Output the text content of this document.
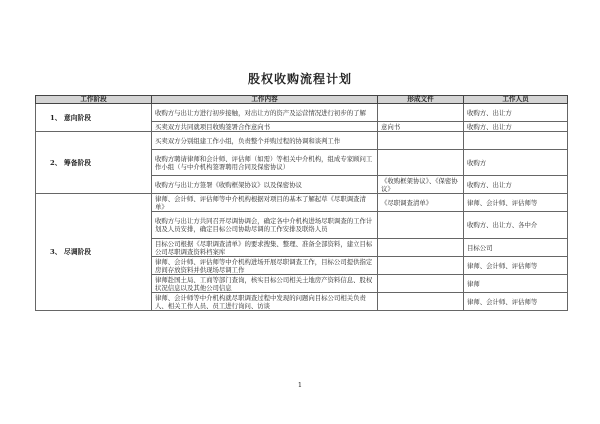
股权收购流程计划
工作阶段	工作内容	形成文件	工作人员
1、 意向阶段	收购方与出让方进行初步接触，对出让方的资产及运营情况进行初步的了解		收购方、出让方
	买卖双方共同就项目收购签署合作意向书	意向书	收购方、出让方
2、 筹备阶段	买卖双方分别组建工作小组，负责整个并购过程的协调和谈判工作		
	收购方聘请律师和会计师、评估师（如需）等相关中介机构，组成专家顾问工作小组（与中介机构签署聘用合同及保密协议）		收购方
	收购方与出让方签署《收购框架协议》以及保密协议	《收购框架协议》、《保密协议》	收购方、出让方
3、 尽调阶段	律师、会计师、评估师等中介机构根据对项目的基本了解起草《尽职调查清单》	《尽职调查清单》	律师、会计师、评估师等
	收购方与出让方共同召开尽调协调会，确定各中介机构进场尽职调查的工作计划及人员安排，确定目标公司协助尽调的工作安排及联络人员		收购方、出让方、各中介
	目标公司根据《尽职调查清单》的要求搜集、整理、准备全部资料，建立目标公司尽职调查资料档案库		目标公司
	律师、会计师、评估师等中介机构进场开展尽职调查工作，目标公司提供指定房间存放资料并供现场尽调工作		律师、会计师、评估师等
	律师赴国土局、工商等部门查询，核实目标公司相关土地房产资料信息、股权状况信息以及其他公司信息		律师
	律师、会计师等中介机构就尽职调查过程中发现的问题向目标公司相关负责人、相关工作人员、员工进行询问、访谈		律师、会计师、评估师等
1
